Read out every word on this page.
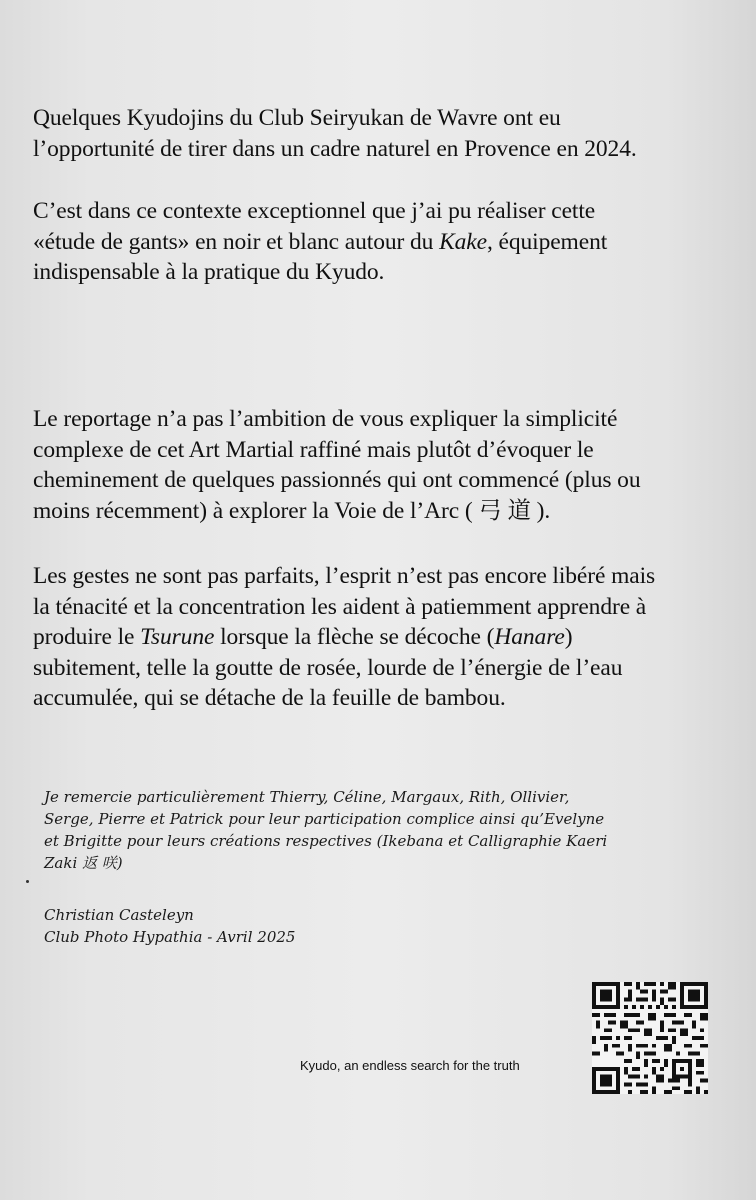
Quelques Kyudojins du Club Seiryukan de Wavre ont eu
l’opportunité de tirer dans un cadre naturel en Provence en 2024.

C’est dans ce contexte exceptionnel que j’ai pu réaliser cette
«étude de gants» en noir et blanc autour du Kake, équipement
indispensable à la pratique du Kyudo.

Le reportage n’a pas l’ambition de vous expliquer la simplicité
complexe de cet Art Martial raffiné mais plutôt d’évoquer le
cheminement de quelques passionnés qui ont commencé (plus ou
moins récemment) à explorer la Voie de l’Arc ( 弓 道 ).

Les gestes ne sont pas parfaits, l’esprit n’est pas encore libéré mais
la ténacité et la concentration les aident à patiemment apprendre à
produire le Tsurune lorsque la flèche se décoche (Hanare)
subitement, telle la goutte de rosée, lourde de l’énergie de l’eau
accumulée, qui se détache de la feuille de bambou.

Je remercie particulièrement Thierry, Céline, Margaux, Rith, Ollivier,
Serge, Pierre et Patrick pour leur participation complice ainsi qu’Evelyne
et Brigitte pour leurs créations respectives (Ikebana et Calligraphie Kaeri
Zaki 返 咲)
Christian Casteleyn
Club Photo Hypathia - Avril 2025
Kyudo, an endless search for the truth
